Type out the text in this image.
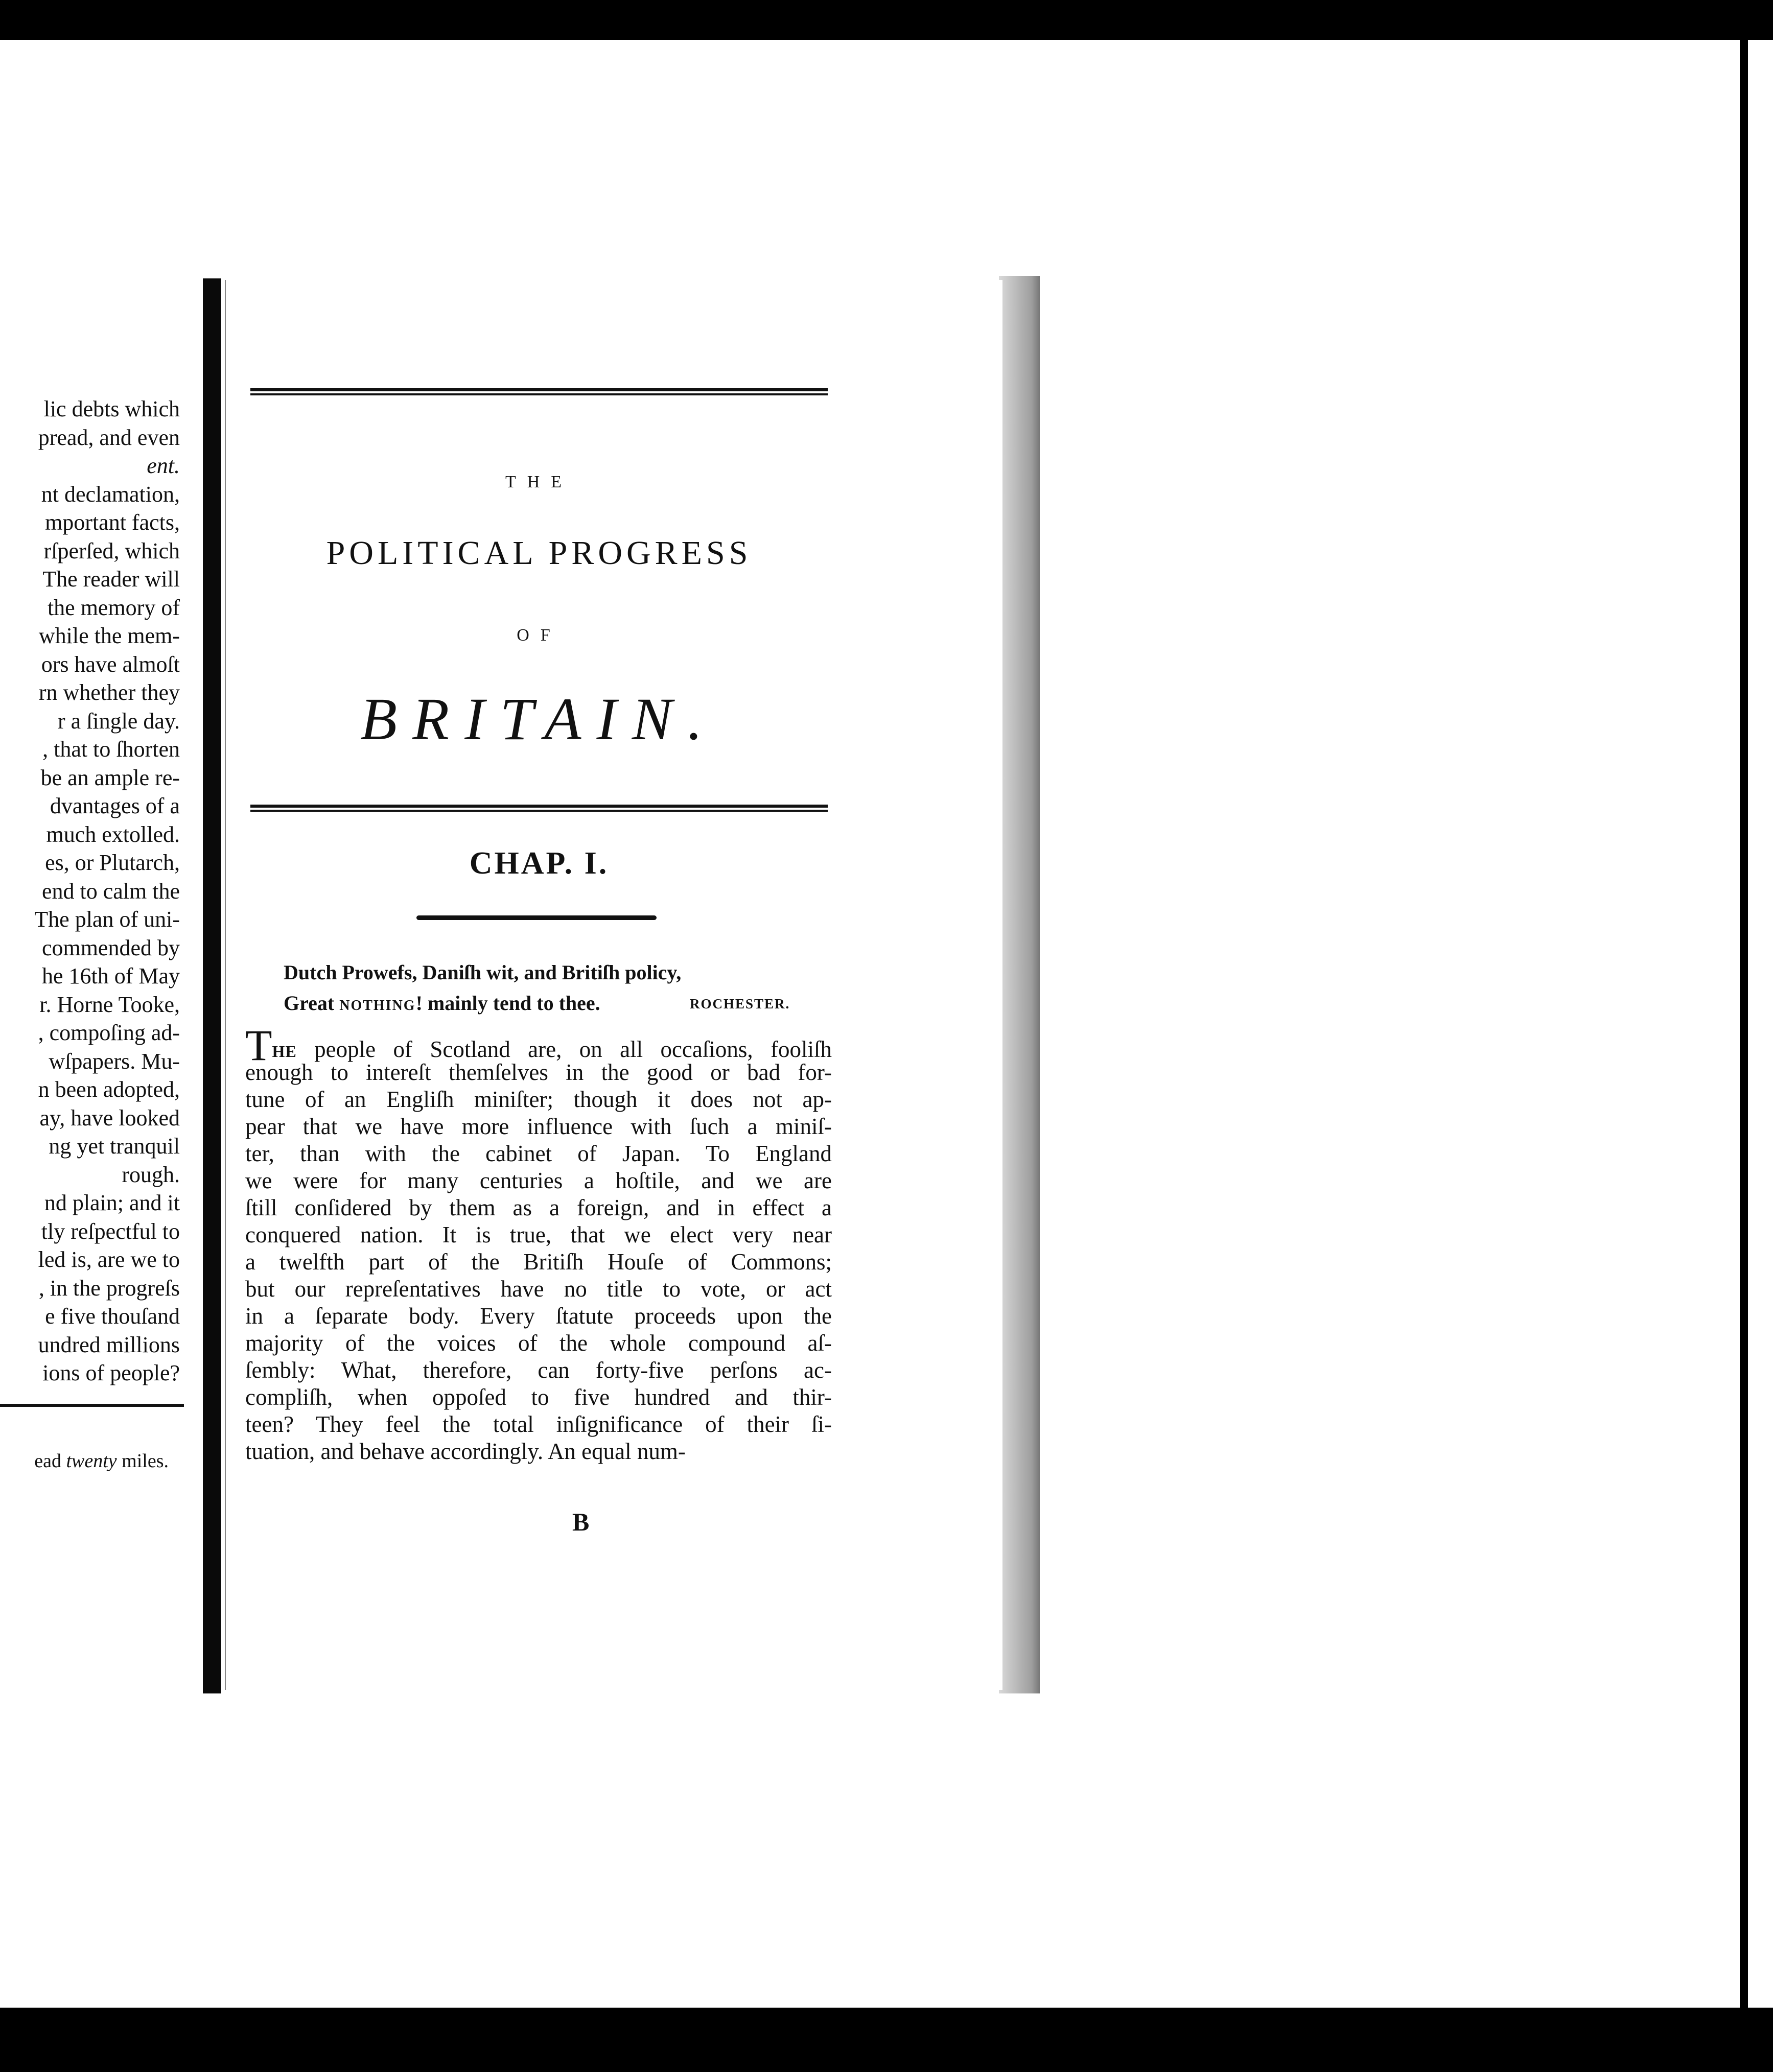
lic debts which
pread, and even
ent.
nt declamation,
mportant facts,
rſperſed, which
The reader will
the memory of
while the mem-
ors have almoſt
rn whether they
r a ſingle day.
, that to ſhorten
be an ample re-
dvantages of a
much extolled.
es, or Plutarch,
end to calm the
The plan of uni-
commended by
he 16th of May
r. Horne Tooke,
, compoſing ad-
wſpapers. Mu-
n been adopted,
ay, have looked
ng yet tranquil
rough.
nd plain; and it
tly reſpectful to
led is, are we to
, in the progreſs
e five thouſand
undred millions
ions of people?
ead twenty miles.
THE
POLITICAL PROGRESS
OF
BRITAIN.
CHAP. I.
Dutch Prowefs, Daniſh wit, and Britiſh policy,
Great NOTHING! mainly tend to thee.	ROCHESTER.
THE people of Scotland are, on all occaſions, fooliſh
enough to intereſt themſelves in the good or bad for-
tune of an Engliſh miniſter; though it does not ap-
pear that we have more influence with ſuch a miniſ-
ter, than with the cabinet of Japan. To England
we were for many centuries a hoſtile, and we are
ſtill conſidered by them as a foreign, and in effect a
conquered nation. It is true, that we elect very near
a twelfth part of the Britiſh Houſe of Commons;
but our repreſentatives have no title to vote, or act
in a ſeparate body. Every ſtatute proceeds upon the
majority of the voices of the whole compound aſ-
ſembly: What, therefore, can forty-five perſons ac-
compliſh, when oppoſed to five hundred and thir-
teen? They feel the total inſignificance of their ſi-
tuation, and behave accordingly. An equal num-
B
